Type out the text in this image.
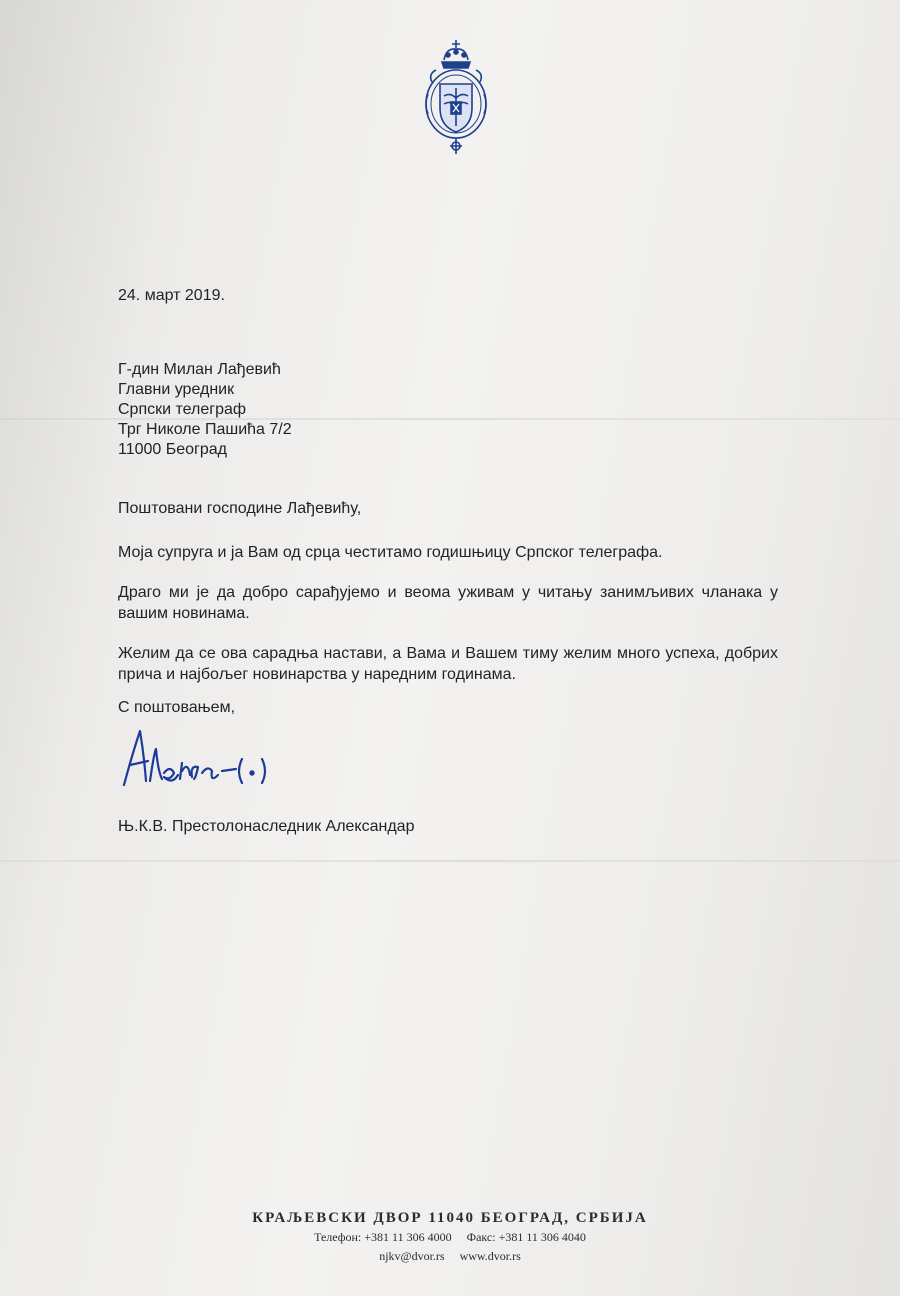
24. март 2019.
Г-дин Милан Лађевић
Главни уредник
Српски телеграф
Трг Николе Пашића 7/2
11000 Београд
Поштовани господине Лађевићу,
Моја супруга и ја Вам од срца честитамо годишњицу Српског телеграфа.
Драго ми је да добро сарађујемо и веома уживам у читању занимљивих чланака у вашим новинама.
Желим да се ова сарадња настави, а Вама и Вашем тиму желим много успеха, добрих прича и најбољег новинарства у наредним годинама.
С поштовањем,
Њ.К.В. Престолонаследник Александар
КРАЉЕВСКИ ДВОР 11040 БЕОГРАД, СРБИЈА
Телефон: +381 11 306 4000 Факс: +381 11 306 4040
njkv@dvor.rs www.dvor.rs
